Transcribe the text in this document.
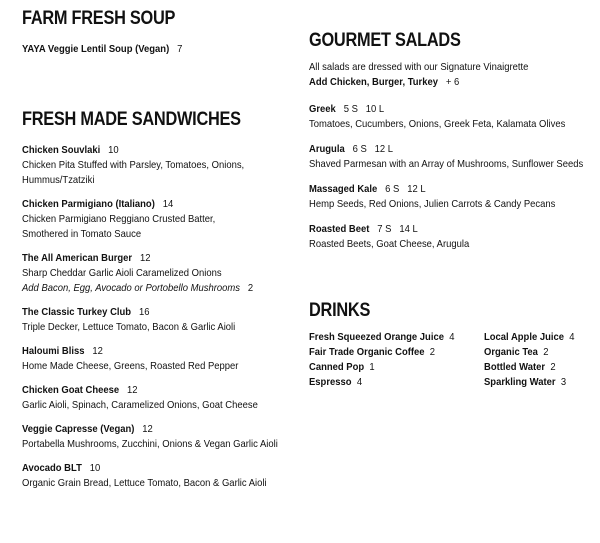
FARM FRESH SOUP
YAYA Veggie Lentil Soup (Vegan) 7
FRESH MADE SANDWICHES
Chicken Souvlaki 10
Chicken Pita Stuffed with Parsley, Tomatoes, Onions, Hummus/Tzatziki
Chicken Parmigiano (Italiano) 14
Chicken Parmigiano Reggiano Crusted Batter, Smothered in Tomato Sauce
The All American Burger 12
Sharp Cheddar Garlic Aioli Caramelized Onions
Add Bacon, Egg, Avocado or Portobello Mushrooms 2
The Classic Turkey Club 16
Triple Decker, Lettuce Tomato, Bacon & Garlic Aioli
Haloumi Bliss 12
Home Made Cheese, Greens, Roasted Red Pepper
Chicken Goat Cheese 12
Garlic Aioli, Spinach, Caramelized Onions, Goat Cheese
Veggie Capresse (Vegan) 12
Portabella Mushrooms, Zucchini, Onions & Vegan Garlic Aioli
Avocado BLT 10
Organic Grain Bread, Lettuce Tomato, Bacon & Garlic Aioli
GOURMET SALADS
All salads are dressed with our Signature Vinaigrette
Add Chicken, Burger, Turkey + 6
Greek 5 S   10 L
Tomatoes, Cucumbers, Onions, Greek Feta, Kalamata Olives
Arugula 6 S   12 L
Shaved Parmesan with an Array of Mushrooms, Sunflower Seeds
Massaged Kale 6 S   12 L
Hemp Seeds, Red Onions, Julien Carrots & Candy Pecans
Roasted Beet 7 S   14 L
Roasted Beets, Goat Cheese, Arugula
DRINKS
Fresh Squeezed Orange Juice 4
Fair Trade Organic Coffee 2
Canned Pop 1
Espresso 4
Local Apple Juice 4
Organic Tea 2
Bottled Water 2
Sparkling Water 3
